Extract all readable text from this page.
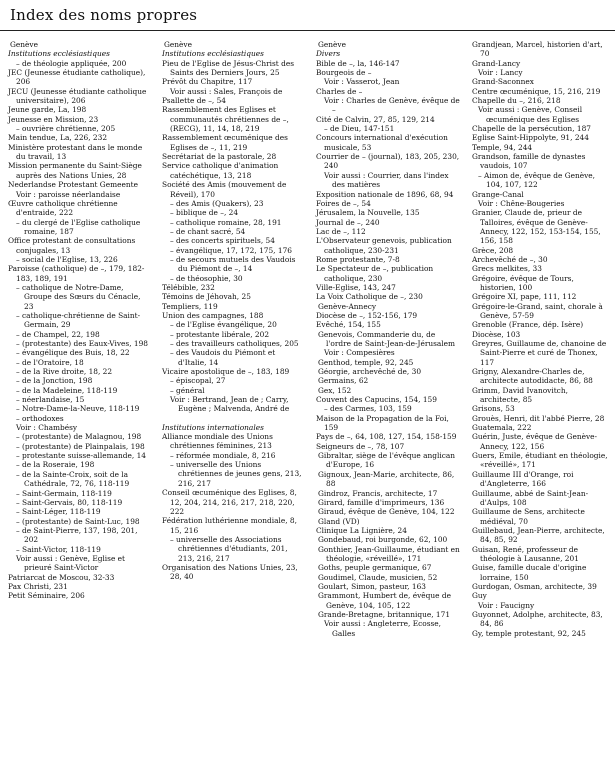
Index des noms propres
Genève
Institutions ecclésiastiques
– de théologie appliquée, 200
JEC (Jeunesse étudiante catholique), 206
JECU (Jeunesse étudiante catholique universitaire), 206
Jeune garde, La, 198
Jeunesse en Mission, 23
– ouvrière chrétienne, 205
Main tendue, La, 226, 232
Ministère protestant dans le monde du travail, 13
Mission permanente du Saint-Siège auprès des Nations Unies, 28
Nederlandse Protestant Gemeente
Voir : paroisse néerlandaise
Œuvre catholique chrétienne d'entraide, 222
– du clergé de l'Eglise catholique romaine, 187
Office protestant de consultations conjugales, 13
– social de l'Eglise, 13, 226
Paroisse (catholique) de –, 179, 182-183, 189, 191
– catholique de Notre-Dame, Groupe des Sœurs du Cénacle, 23
– catholique-chrétienne de Saint-Germain, 29
– de Champel, 22, 198
– (protestante) des Eaux-Vives, 198
– évangélique des Buis, 18, 22
– de l'Oratoire, 18
– de la Rive droite, 18, 22
– de la Jonction, 198
– de la Madeleine, 118-119
– néerlandaise, 15
– Notre-Dame-la-Neuve, 118-119
– orthodoxes
Voir : Chambésy
– (protestante) de Malagnou, 198
– (protestante) de Plainpalais, 198
– protestante suisse-allemande, 14
– de la Roseraie, 198
– de la Sainte-Croix, soit de la Cathédrale, 72, 76, 118-119
– Saint-Germain, 118-119
– Saint-Gervais, 80, 118-119
– Saint-Léger, 118-119
– (protestante) de Saint-Luc, 198
– de Saint-Pierre, 137, 198, 201, 202
– Saint-Victor, 118-119
Voir aussi : Genève, Eglise et prieuré Saint-Victor
Patriarcat de Moscou, 32-33
Pax Christi, 231
Petit Séminaire, 206
Genève
Institutions ecclésiastiques
Pieu de l'Eglise de Jésus-Christ des Saints des Derniers Jours, 25
Prévôt du Chapitre, 117
Voir aussi : Sales, François de
Psallette de –, 54
Rassemblement des Eglises et communautés chrétiennes de –, (RECG), 11, 14, 18, 219
Rassemblement œcuménique des Eglises de –, 11, 219
Secrétariat de la pastorale, 28
Service catholique d'animation catéchétique, 13, 218
Société des Amis (mouvement de Réveil), 170
– des Amis (Quakers), 23
– biblique de –, 24
– catholique romaine, 28, 191
– de chant sacré, 54
– des concerts spirituels, 54
– évangélique, 17, 172, 175, 176
– de secours mutuels des Vaudois du Piémont de –, 14
– de théosophie, 30
Télébible, 232
Témoins de Jéhovah, 25
Templiers, 119
Union des campagnes, 188
– de l'Eglise évangélique, 20
– protestante libérale, 202
– des travailleurs catholiques, 205
– des Vaudois du Piémont et d'Italie, 14
Vicaire apostolique de –, 183, 189
– épiscopal, 27
– général
Voir : Bertrand, Jean de ; Carry, Eugène ; Malvenda, André de
Institutions internationales
Alliance mondiale des Unions chrétiennes féminines, 213
– réformée mondiale, 8, 216
– universelle des Unions chrétiennes de jeunes gens, 213, 216, 217
Conseil œcuménique des Eglises, 8, 12, 204, 214, 216, 217, 218, 220, 222
Fédération luthérienne mondiale, 8, 15, 216
– universelle des Associations chrétiennes d'étudiants, 201, 213, 216, 217
Organisation des Nations Unies, 23, 28, 40
Genève
Divers
Bible de –, la, 146-147
Bourgeois de –
Voir : Vasserot, Jean
Charles de –
Voir : Charles de Genève, évêque de –
Cité de Calvin, 27, 85, 129, 214
– de Dieu, 147-151
Concours international d'exécution musicale, 53
Courrier de – (journal), 183, 205, 230, 240
Voir aussi : Courrier, dans l'index des matières
Exposition nationale de 1896, 68, 94
Foires de –, 54
Jérusalem, la Nouvelle, 135
Journal de –, 240
Lac de –, 112
L'Observateur genevois, publication catholique, 230-231
Rome protestante, 7-8
Le Spectateur de –, publication catholique, 230
Ville-Eglise, 143, 247
La Voix Catholique de –, 230
Genève-Annecy
Diocèse de –, 152-156, 179
Evêché, 154, 155
Genevois, Commanderie du, de l'ordre de Saint-Jean-de-Jérusalem
Voir : Compesières
Genthod, temple, 92, 245
Géorgie, archevêché de, 30
Germains, 62
Gex, 152
Couvent des Capucins, 154, 159
– des Carmes, 103, 159
Maison de la Propagation de la Foi, 159
Pays de –, 64, 108, 127, 154, 158-159
Seigneurs de –, 78, 107
Gibraltar, siège de l'évêque anglican d'Europe, 16
Gignoux, Jean-Marie, architecte, 86, 88
Gindroz, Francis, architecte, 17
Girard, famille d'imprimeurs, 136
Giraud, évêque de Genève, 104, 122
Gland (VD)
Clinique La Lignière, 24
Gondebaud, roi burgonde, 62, 100
Gonthier, Jean-Guillaume, étudiant en théologie, «réveillé», 171
Goths, peuple germanique, 67
Goudimel, Claude, musicien, 52
Goulart, Simon, pasteur, 163
Grammont, Humbert de, évêque de Genève, 104, 105, 122
Grande-Bretagne, britannique, 171
Voir aussi : Angleterre, Ecosse, Galles
Grandjean, Marcel, historien d'art, 70
Grand-Lancy
Voir : Lancy
Grand-Saconnex
Centre œcuménique, 15, 216, 219
Chapelle du –, 216, 218
Voir aussi : Genève, Conseil œcuménique des Eglises
Chapelle de la persécution, 187
Eglise Saint-Hippolyte, 91, 244
Temple, 94, 244
Grandson, famille de dynastes vaudois, 107
– Aimon de, évêque de Genève, 104, 107, 122
Grange-Canal
Voir : Chêne-Bougeries
Granier, Claude de, prieur de Talloires, évêque de Genève-Annecy, 122, 152, 153-154, 155, 156, 158
Grèce, 208
Archevêché de –, 30
Grecs melkites, 33
Grégoire, évêque de Tours, historien, 100
Grégoire XI, pape, 111, 112
Grégoire-le-Grand, saint, chorale à Genève, 57-59
Grenoble (France, dép. Isère)
Diocèse, 103
Greyres, Guillaume de, chanoine de Saint-Pierre et curé de Thonex, 117
Grigny, Alexandre-Charles de, architecte autodidacte, 86, 88
Grimm, David Ivanovitch, architecte, 85
Grisons, 53
Grouès, Henri, dit l'abbé Pierre, 28
Guatemala, 222
Guérin, Juste, évêque de Genève-Annecy, 122, 156
Guers, Emile, étudiant en théologie, «réveillé», 171
Guillaume III d'Orange, roi d'Angleterre, 166
Guillaume, abbé de Saint-Jean-d'Aulps, 108
Guillaume de Sens, architecte médiéval, 70
Guillebaud, Jean-Pierre, architecte, 84, 85, 92
Guisan, René, professeur de théologie à Lausanne, 201
Guise, famille ducale d'origine lorraine, 150
Gurdogan, Osman, architecte, 39
Guy
Voir : Faucigny
Guyonnet, Adolphe, architecte, 83, 84, 86
Gy, temple protestant, 92, 245
